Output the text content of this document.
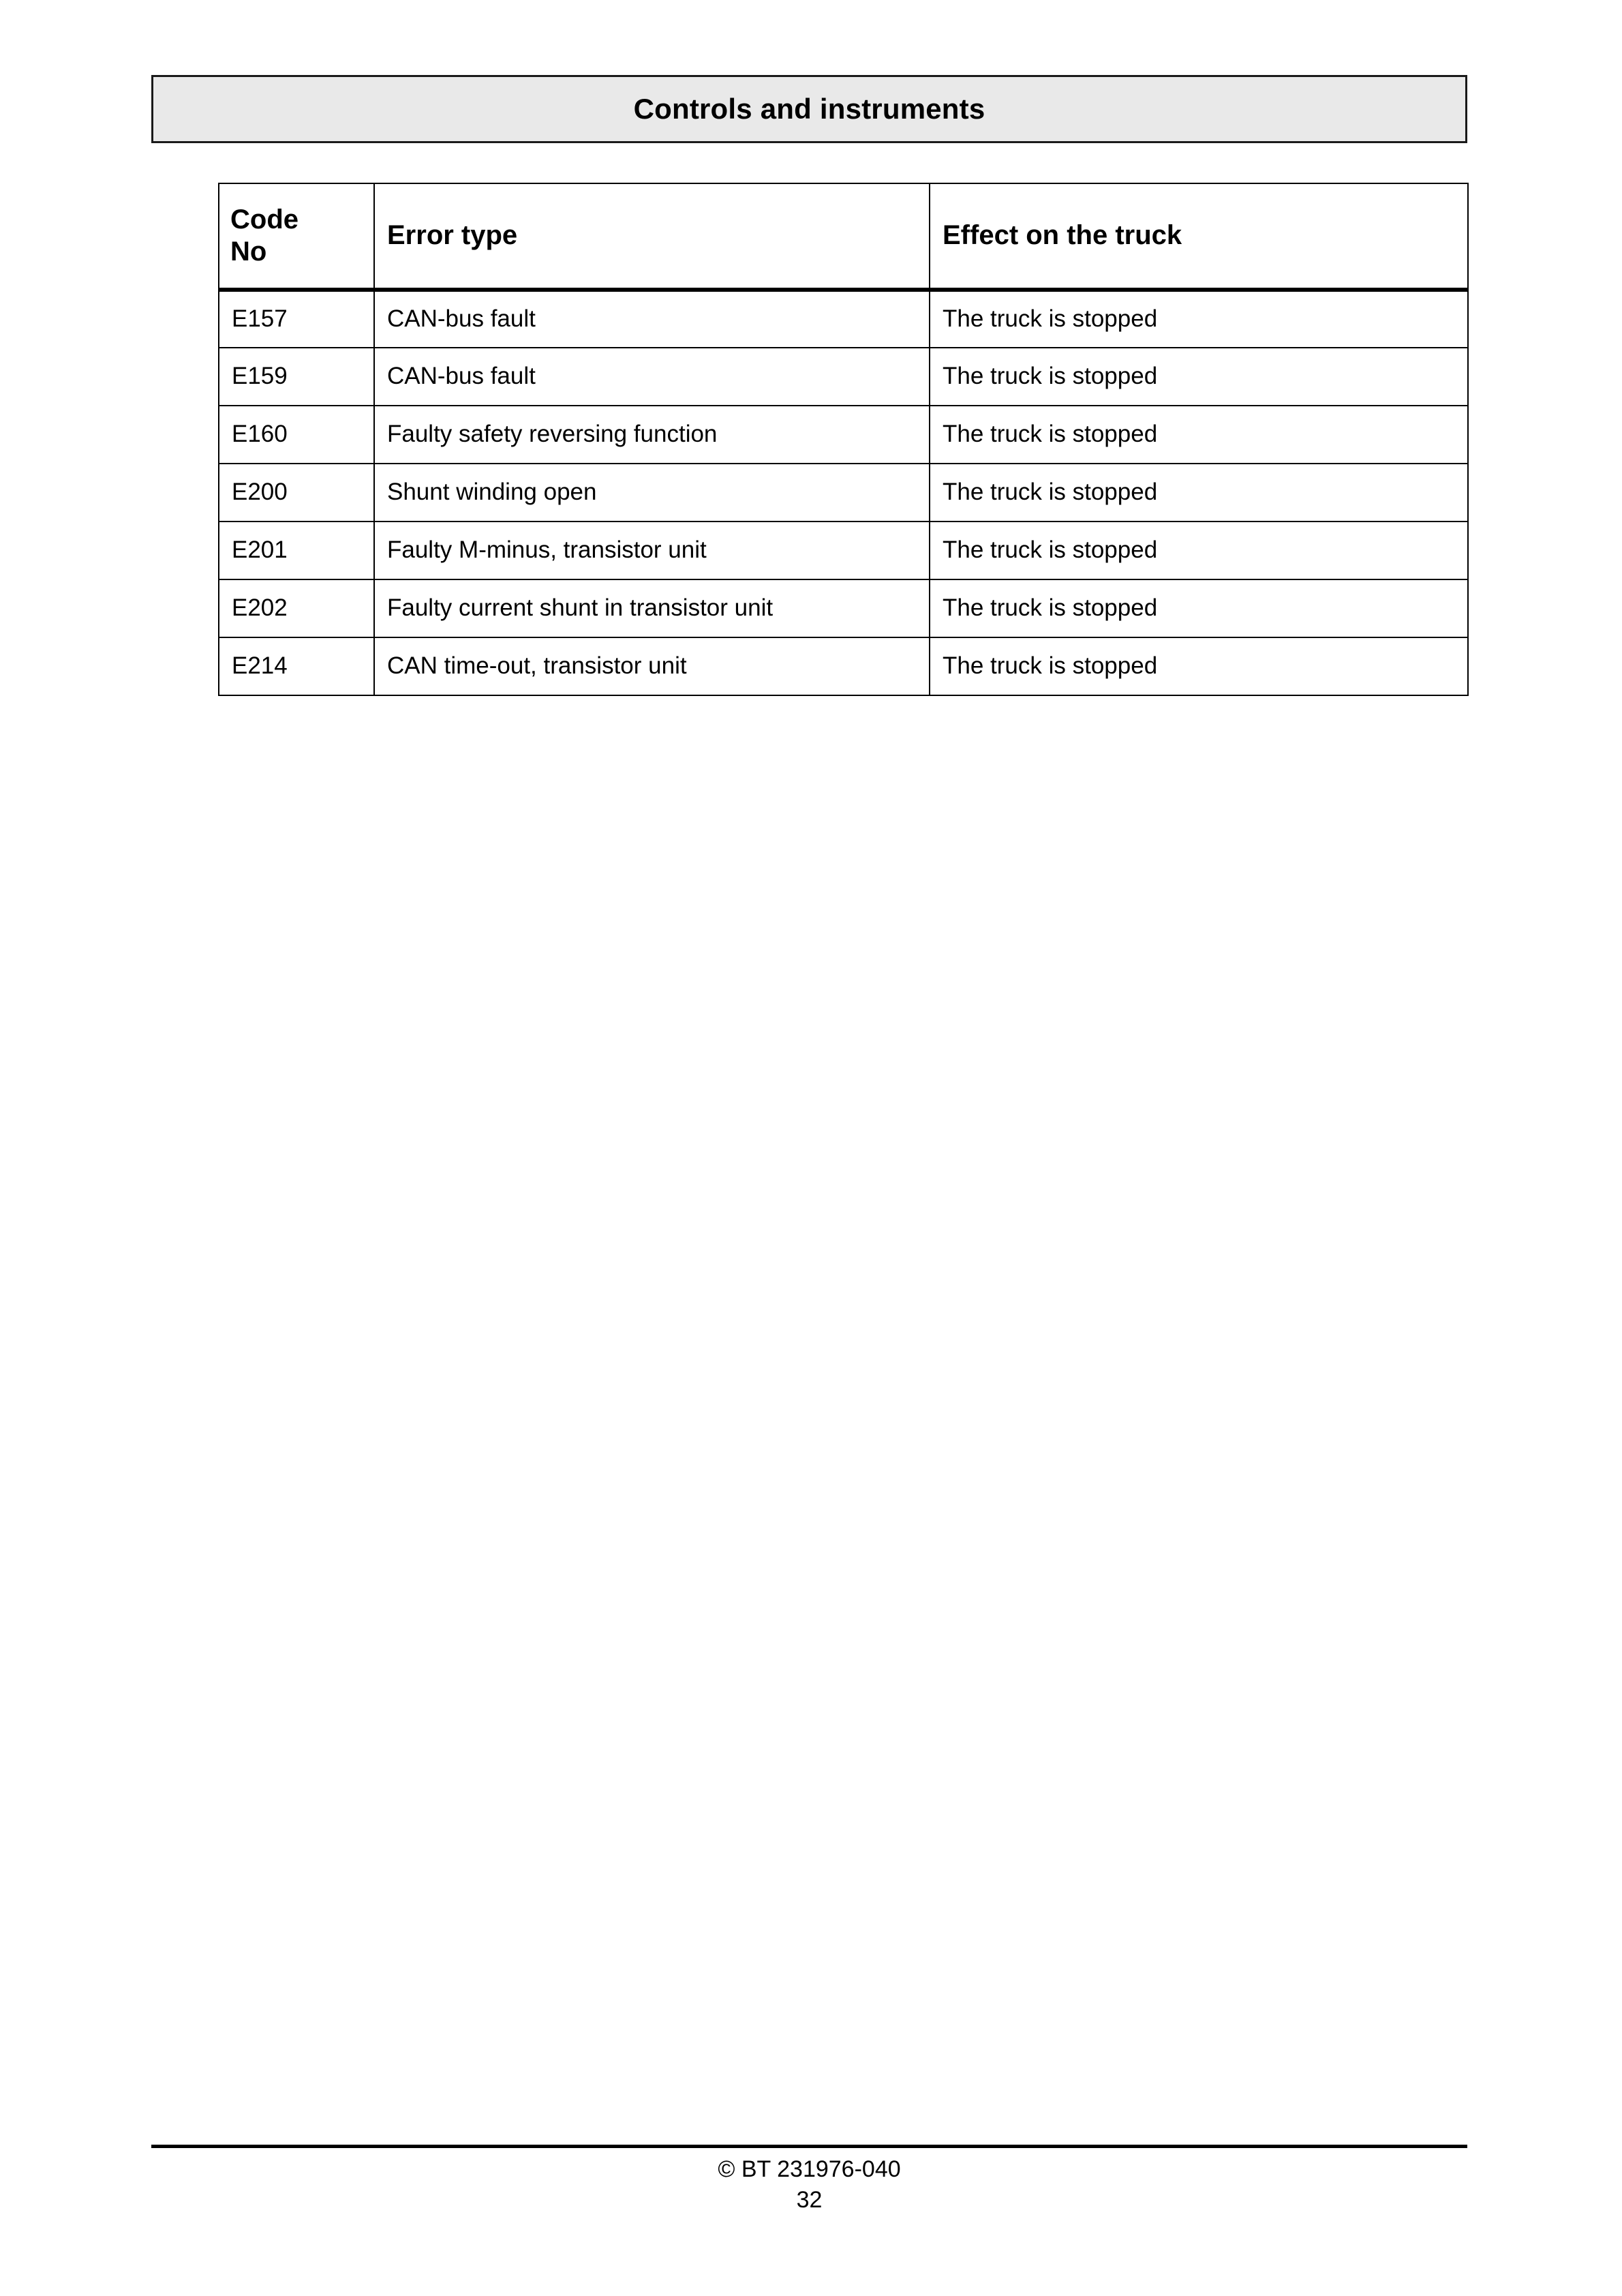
Controls and instruments
Code
No	Error type	Effect on the truck
E157	CAN-bus fault	The truck is stopped
E159	CAN-bus fault	The truck is stopped
E160	Faulty safety reversing function	The truck is stopped
E200	Shunt winding open	The truck is stopped
E201	Faulty M-minus, transistor unit	The truck is stopped
E202	Faulty current shunt in transistor unit	The truck is stopped
E214	CAN time-out, transistor unit	The truck is stopped
© BT 231976-040
32
